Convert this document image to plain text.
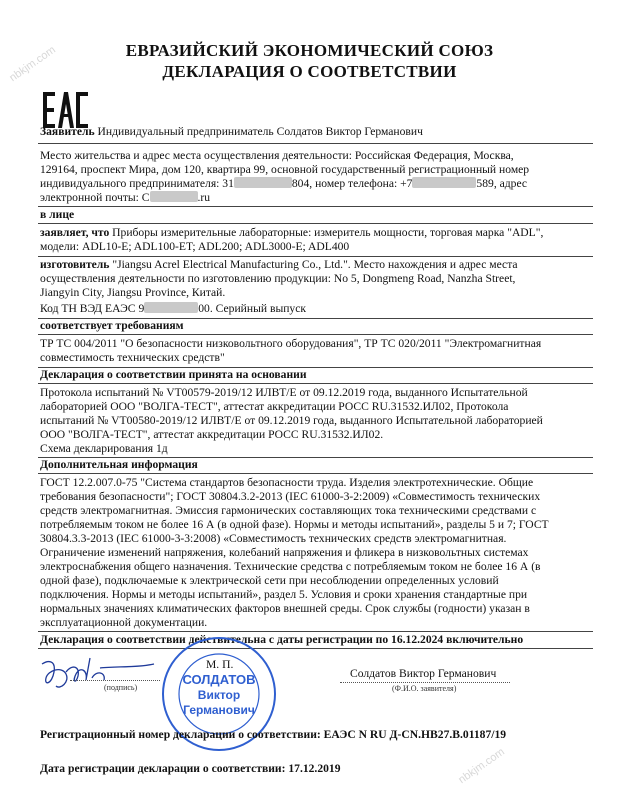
nbkjm.com
nbkjm.com
ЕВРАЗИЙСКИЙ ЭКОНОМИЧЕСКИЙ СОЮЗ
ДЕКЛАРАЦИЯ О СООТВЕТСТВИИ
Заявитель Индивидуальный предприниматель Солдатов Виктор Германович
Место жительства и адрес места осуществления деятельности: Российская Федерация, Москва,
129164, проспект Мира, дом 120, квартира 99, основной государственный регистрационный номер
индивидуального предпринимателя: 31	804, номер телефона: +7	589, адрес
электронной почты: C	.ru
в лице
заявляет, что Приборы измерительные лабораторные: измеритель мощности, торговая марка "ADL",
модели: ADL10-E; ADL100-ET; ADL200; ADL3000-E; ADL400
изготовитель "Jiangsu Acrel Electrical Manufacturing Co., Ltd.". Место нахождения и адрес места
осуществления деятельности по изготовлению продукции: No 5, Dongmeng Road, Nanzha Street,
Jiangyin City, Jiangsu Province, Китай.
Код ТН ВЭД ЕАЭС 9	00. Серийный выпуск
соответствует требованиям
ТР ТС 004/2011 "О безопасности низковольтного оборудования", ТР ТС 020/2011 "Электромагнитная
совместимость технических средств"
Декларация о соответствии принята на основании
Протокола испытаний № VT00579-2019/12 ИЛВТ/Е от 09.12.2019 года, выданного Испытательной
лабораторией ООО "ВОЛГА-ТЕСТ", аттестат аккредитации РОСС RU.31532.ИЛ02, Протокола
испытаний № VT00580-2019/12 ИЛВТ/Е от 09.12.2019 года, выданного Испытательной лабораторией
ООО "ВОЛГА-ТЕСТ", аттестат аккредитации РОСС RU.31532.ИЛ02.
Схема декларирования 1д
Дополнительная информация
ГОСТ 12.2.007.0-75 "Система стандартов безопасности труда. Изделия электротехнические. Общие
требования безопасности"; ГОСТ 30804.3.2-2013 (IEC 61000-3-2:2009) «Совместимость технических
средств электромагнитная. Эмиссия гармонических составляющих тока техническими средствами с
потребляемым током не более 16 А (в одной фазе). Нормы и методы испытаний», разделы 5 и 7; ГОСТ
30804.3.3-2013 (IEC 61000-3-3:2008) «Совместимость технических средств электромагнитная.
Ограничение изменений напряжения, колебаний напряжения и фликера в низковольтных системах
электроснабжения общего назначения. Технические средства с потребляемым током не более 16 А (в
одной фазе), подключаемые к электрической сети при несоблюдении определенных условий
подключения. Нормы и методы испытаний», раздел 5. Условия и сроки хранения стандартные при
нормальных значениях климатических факторов внешней среды. Срок службы (годности) указан в
эксплуатационной документации.
Декларация о соответствии действительна с даты регистрации по 16.12.2024 включительно
(подпись)
М. П.
Солдатов Виктор Германович
(Ф.И.О. заявителя)
СОЛДАТОВ
Виктор
Германович
Регистрационный номер декларации о соответствии: ЕАЭС N RU Д-CN.НВ27.В.01187/19
Дата регистрации декларации о соответствии: 17.12.2019
